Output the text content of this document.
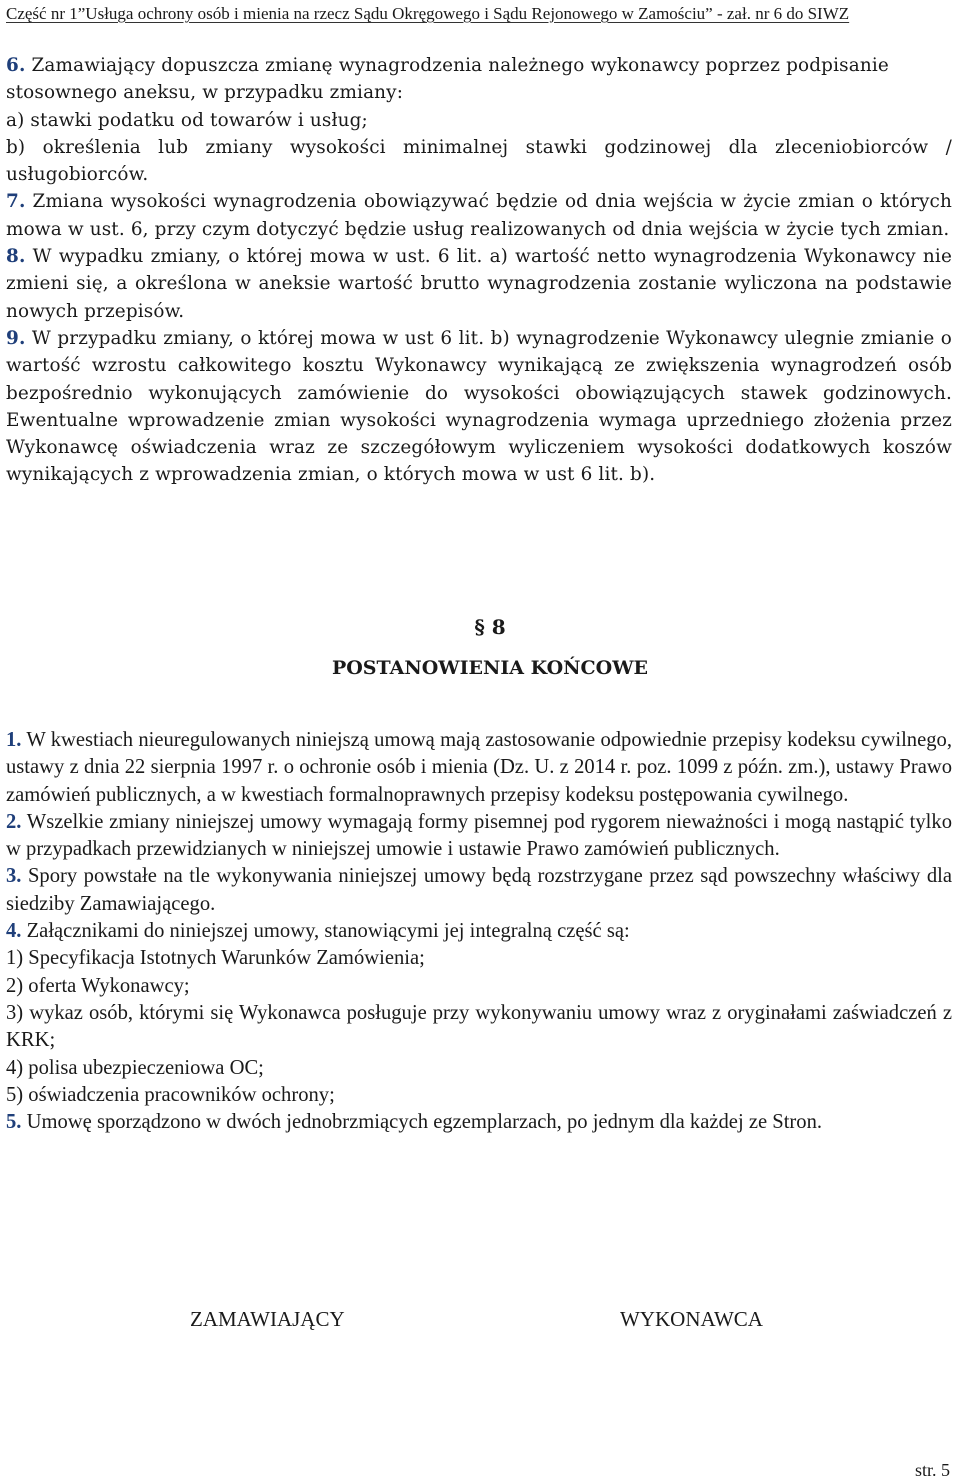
Część nr 1”Usługa ochrony osób i mienia na rzecz Sądu Okręgowego i Sądu Rejonowego w Zamościu” - zał. nr 6 do SIWZ

6. Zamawiający dopuszcza zmianę wynagrodzenia należnego wykonawcy poprzez podpisanie stosownego aneksu, w przypadku zmiany:

a) stawki podatku od towarów i usług;

b) określenia lub zmiany wysokości minimalnej stawki godzinowej dla zleceniobiorców / usługobiorców.

7. Zmiana wysokości wynagrodzenia obowiązywać będzie od dnia wejścia w życie zmian o których mowa w ust. 6, przy czym dotyczyć będzie usług realizowanych od dnia wejścia w życie tych zmian.

8. W wypadku zmiany, o której mowa w ust. 6 lit. a) wartość netto wynagrodzenia Wykonawcy nie zmieni się, a określona w aneksie wartość brutto wynagrodzenia zostanie wyliczona na podstawie nowych przepisów.

9. W przypadku zmiany, o której mowa w ust 6 lit. b) wynagrodzenie Wykonawcy ulegnie zmianie o wartość wzrostu całkowitego kosztu Wykonawcy wynikającą ze zwiększenia wynagrodzeń osób bezpośrednio wykonujących zamówienie do wysokości obowiązujących stawek godzinowych. Ewentualne wprowadzenie zmian wysokości wynagrodzenia wymaga uprzedniego złożenia przez Wykonawcę oświadczenia wraz ze szczegółowym wyliczeniem wysokości dodatkowych koszów wynikających z wprowadzenia zmian, o których mowa w ust 6 lit. b).

§ 8
POSTANOWIENIA KOŃCOWE

1. W kwestiach nieuregulowanych niniejszą umową mają zastosowanie odpowiednie przepisy kodeksu cywilnego, ustawy z dnia 22 sierpnia 1997 r. o ochronie osób i mienia (Dz. U. z 2014 r. poz. 1099 z późn. zm.), ustawy Prawo zamówień publicznych, a w kwestiach formalnoprawnych przepisy kodeksu postępowania cywilnego.

2. Wszelkie zmiany niniejszej umowy wymagają formy pisemnej pod rygorem nieważności i mogą nastąpić tylko w przypadkach przewidzianych w niniejszej umowie i ustawie Prawo zamówień publicznych.

3. Spory powstałe na tle wykonywania niniejszej umowy będą rozstrzygane przez sąd powszechny właściwy dla siedziby Zamawiającego.

4. Załącznikami do niniejszej umowy, stanowiącymi jej integralną część są:

1) Specyfikacja Istotnych Warunków Zamówienia;

2) oferta Wykonawcy;

3) wykaz osób, którymi się Wykonawca posługuje przy wykonywaniu umowy wraz z oryginałami zaświadczeń z KRK;

4) polisa ubezpieczeniowa OC;

5) oświadczenia pracowników ochrony;

5. Umowę sporządzono w dwóch jednobrzmiących egzemplarzach, po jednym dla każdej ze Stron.

ZAMAWIAJĄCY	WYKONAWCA
str. 5
